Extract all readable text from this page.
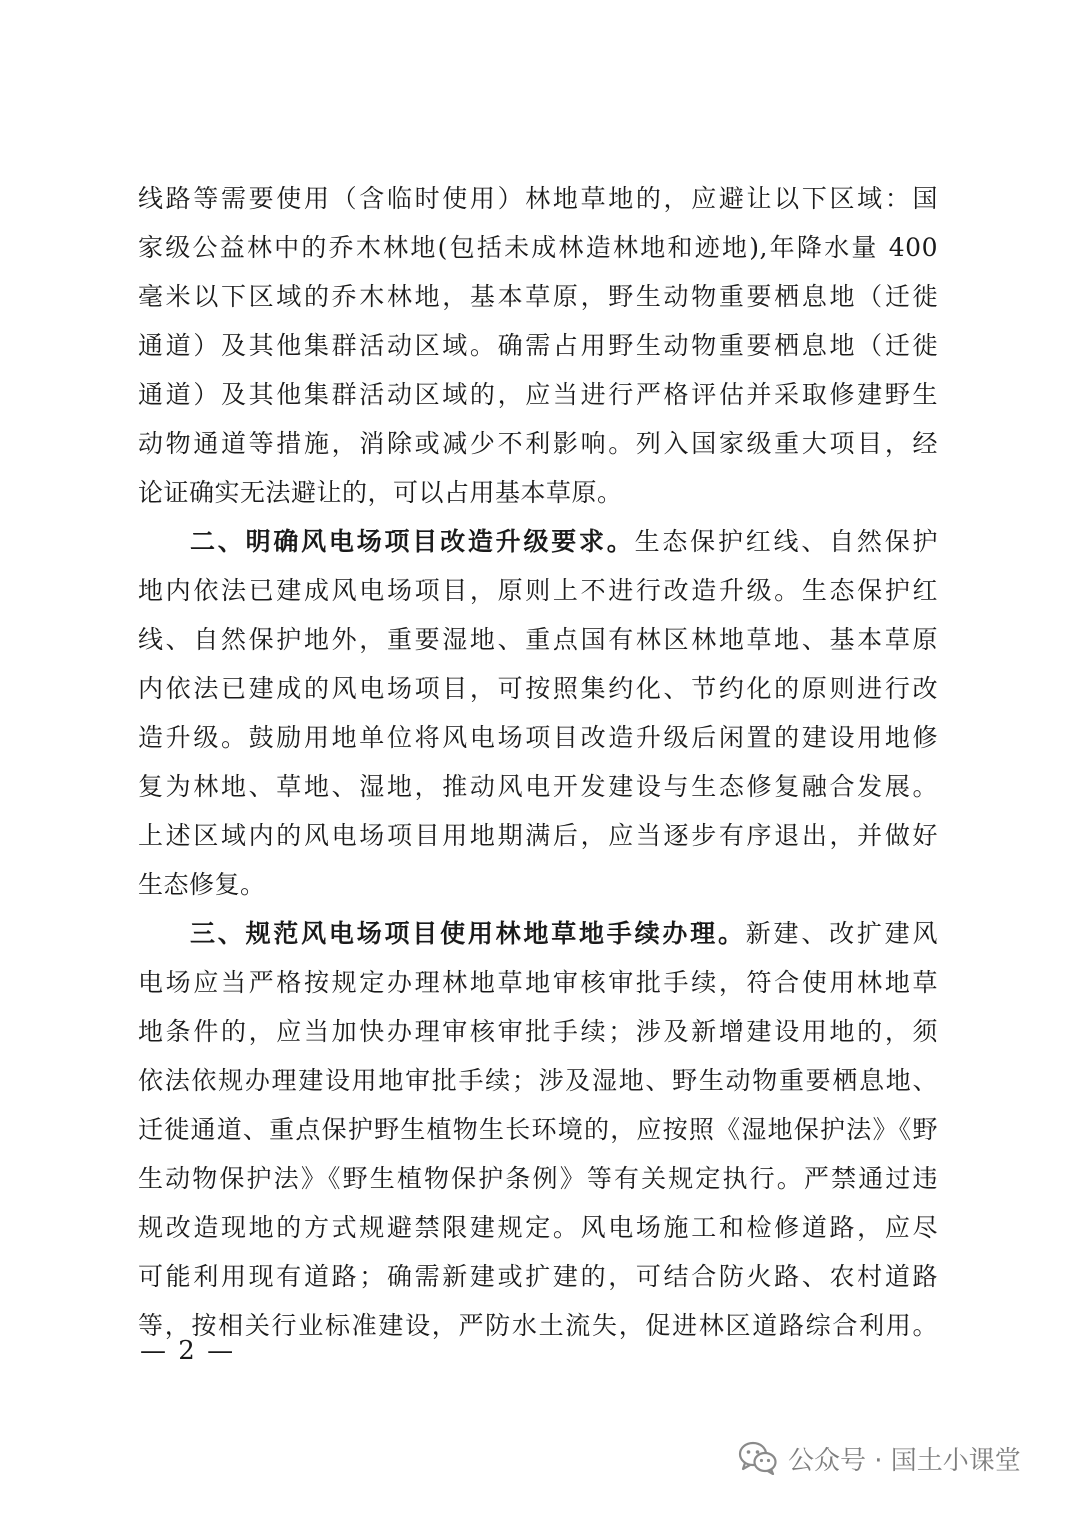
线路等需要使用（含临时使用）林地草地的，应避让以下区域：国
家级公益林中的乔木林地(包括未成林造林地和迹地),年降水量 400
毫米以下区域的乔木林地，基本草原，野生动物重要栖息地（迁徙
通道）及其他集群活动区域。确需占用野生动物重要栖息地（迁徙
通道）及其他集群活动区域的，应当进行严格评估并采取修建野生
动物通道等措施，消除或减少不利影响。列入国家级重大项目，经
论证确实无法避让的，可以占用基本草原。
二、明确风电场项目改造升级要求。生态保护红线、自然保护
地内依法已建成风电场项目，原则上不进行改造升级。生态保护红
线、自然保护地外，重要湿地、重点国有林区林地草地、基本草原
内依法已建成的风电场项目，可按照集约化、节约化的原则进行改
造升级。鼓励用地单位将风电场项目改造升级后闲置的建设用地修
复为林地、草地、湿地，推动风电开发建设与生态修复融合发展。
上述区域内的风电场项目用地期满后，应当逐步有序退出，并做好
生态修复。
三、规范风电场项目使用林地草地手续办理。新建、改扩建风
电场应当严格按规定办理林地草地审核审批手续，符合使用林地草
地条件的，应当加快办理审核审批手续；涉及新增建设用地的，须
依法依规办理建设用地审批手续；涉及湿地、野生动物重要栖息地、
迁徙通道、重点保护野生植物生长环境的，应按照《湿地保护法》《野
生动物保护法》《野生植物保护条例》等有关规定执行。严禁通过违
规改造现地的方式规避禁限建规定。风电场施工和检修道路，应尽
可能利用现有道路；确需新建或扩建的，可结合防火路、农村道路
等，按相关行业标准建设，严防水土流失，促进林区道路综合利用。
— 2 —
公众号 · 国土小课堂
